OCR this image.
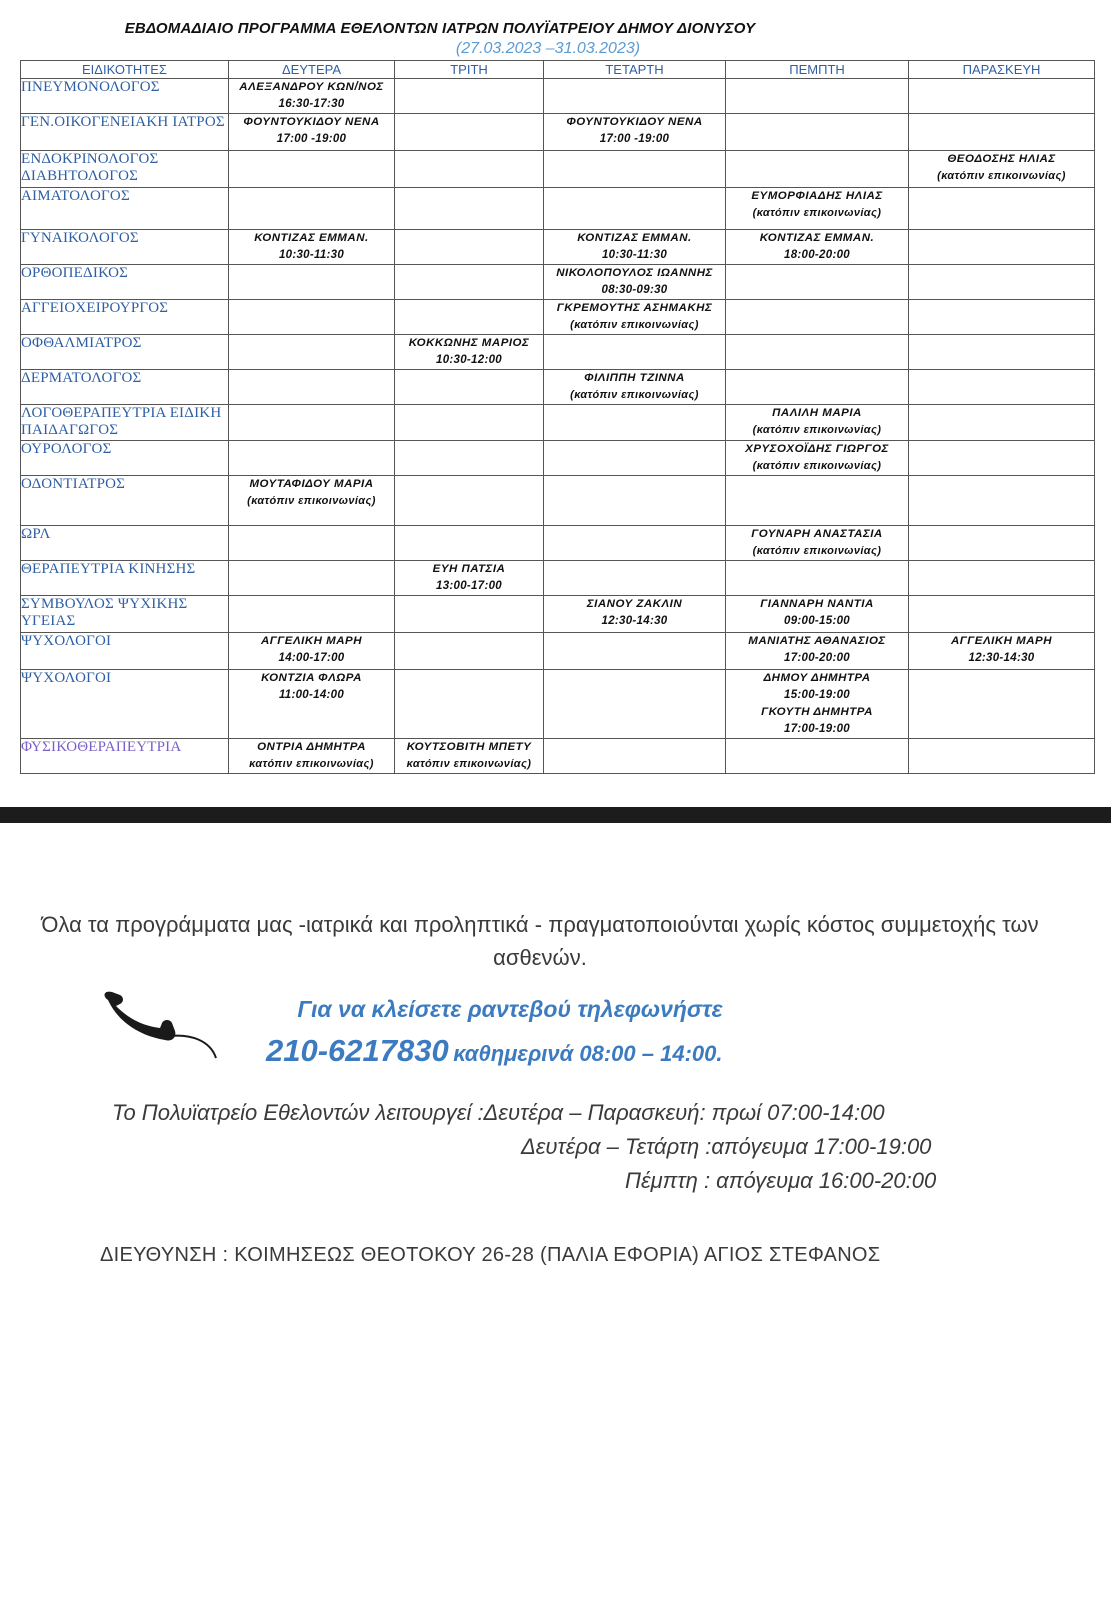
ΕΒΔΟΜΑΔΙΑΙΟ ΠΡΟΓΡΑΜΜΑ ΕΘΕΛΟΝΤΩΝ ΙΑΤΡΩΝ ΠΟΛΥΪΑΤΡΕΙΟΥ ΔΗΜΟΥ ΔΙΟΝΥΣΟΥ
(27.03.2023 –31.03.2023)
ΕΙΔΙΚΟΤΗΤΕΣ	ΔΕΥΤΕΡΑ	ΤΡΙΤΗ	ΤΕΤΑΡΤΗ	ΠΕΜΠΤΗ	ΠΑΡΑΣΚΕΥΗ
ΠΝΕΥΜΟΝΟΛΟΓΟΣ	ΑΛΕΞΑΝΔΡΟΥ ΚΩΝ/ΝΟΣ
16:30-17:30				

ΓΕΝ.ΟΙΚΟΓΕΝΕΙΑΚΗ ΙΑΤΡΟΣ	ΦΟΥΝΤΟΥΚΙΔΟΥ ΝΕΝΑ
17:00 -19:00		ΦΟΥΝΤΟΥΚΙΔΟΥ ΝΕΝΑ
17:00 -19:00		

ΕΝΔΟΚΡΙΝΟΛΟΓΟΣ ΔΙΑΒΗΤΟΛΟΓΟΣ					ΘΕΟΔΟΣΗΣ ΗΛΙΑΣ
(κατόπιν επικοινωνίας)

ΑΙΜΑΤΟΛΟΓΟΣ				ΕΥΜΟΡΦΙΑΔΗΣ ΗΛΙΑΣ
(κατόπιν επικοινωνίας)	

ΓΥΝΑΙΚΟΛΟΓΟΣ	ΚΟΝΤΙΖΑΣ ΕΜΜΑΝ.
10:30-11:30		ΚΟΝΤΙΖΑΣ ΕΜΜΑΝ.
10:30-11:30	ΚΟΝΤΙΖΑΣ ΕΜΜΑΝ.
18:00-20:00	

ΟΡΘΟΠΕΔΙΚΟΣ			ΝΙΚΟΛΟΠΟΥΛΟΣ ΙΩΑΝΝΗΣ
08:30-09:30		

ΑΓΓΕΙΟΧΕΙΡΟΥΡΓΟΣ			ΓΚΡΕΜΟΥΤΗΣ ΑΣΗΜΑΚΗΣ
(κατόπιν επικοινωνίας)		

ΟΦΘΑΛΜΙΑΤΡΟΣ		ΚΟΚΚΩΝΗΣ ΜΑΡΙΟΣ
10:30-12:00			

ΔΕΡΜΑΤΟΛΟΓΟΣ			ΦΙΛΙΠΠΗ ΤΖΙΝΝΑ
(κατόπιν επικοινωνίας)		

ΛΟΓΟΘΕΡΑΠΕΥΤΡΙΑ ΕΙΔΙΚΗ ΠΑΙΔΑΓΩΓΟΣ				ΠΑΛΙΛΗ ΜΑΡΙΑ
(κατόπιν επικοινωνίας)	

ΟΥΡΟΛΟΓΟΣ				ΧΡΥΣΟΧΟΪΔΗΣ ΓΙΩΡΓΟΣ
(κατόπιν επικοινωνίας)	

ΟΔΟΝΤΙΑΤΡΟΣ	ΜΟΥΤΑΦΙΔΟΥ ΜΑΡΙΑ
(κατόπιν επικοινωνίας)				

ΩΡΛ				ΓΟΥΝΑΡΗ ΑΝΑΣΤΑΣΙΑ
(κατόπιν επικοινωνίας)	

ΘΕΡΑΠΕΥΤΡΙΑ ΚΙΝΗΣΗΣ		ΕΥΗ ΠΑΤΣΙΑ
13:00-17:00			

ΣΥΜΒΟΥΛΟΣ ΨΥΧΙΚΗΣ ΥΓΕΙΑΣ			ΣΙΑΝΟΥ ΖΑΚΛΙΝ
12:30-14:30	ΓΙΑΝΝΑΡΗ ΝΑΝΤΙΑ
09:00-15:00	

ΨΥΧΟΛΟΓΟΙ	ΑΓΓΕΛΙΚΗ ΜΑΡΗ
14:00-17:00			ΜΑΝΙΑΤΗΣ ΑΘΑΝΑΣΙΟΣ
17:00-20:00	ΑΓΓΕΛΙΚΗ ΜΑΡΗ
12:30-14:30

ΨΥΧΟΛΟΓΟΙ	ΚΟΝΤΖΙΑ ΦΛΩΡΑ
11:00-14:00			ΔΗΜΟΥ ΔΗΜΗΤΡΑ
15:00-19:00
ΓΚΟΥΤΗ ΔΗΜΗΤΡΑ
17:00-19:00	

ΦΥΣΙΚΟΘΕΡΑΠΕΥΤΡΙΑ	ΟΝΤΡΙΑ ΔΗΜΗΤΡΑ
κατόπιν επικοινωνίας)	ΚΟΥΤΣΟΒΙΤΗ ΜΠΕΤΥ
κατόπιν επικοινωνίας)			

Όλα τα προγράμματα μας -ιατρικά και προληπτικά - πραγματοποιούνται χωρίς κόστος συμμετοχής των ασθενών.
Για να κλείσετε ραντεβού τηλεφωνήστε
210-6217830 καθημερινά 08:00 – 14:00.
Το Πολυϊατρείο Εθελοντών λειτουργεί :Δευτέρα – Παρασκευή: πρωί 07:00-14:00
Δευτέρα – Τετάρτη :απόγευμα 17:00-19:00
Πέμπτη : απόγευμα 16:00-20:00
ΔΙΕΥΘΥΝΣΗ : ΚΟΙΜΗΣΕΩΣ ΘΕΟΤΟΚΟΥ 26-28 (ΠΑΛΙΑ ΕΦΟΡΙΑ) ΑΓΙΟΣ ΣΤΕΦΑΝΟΣ
